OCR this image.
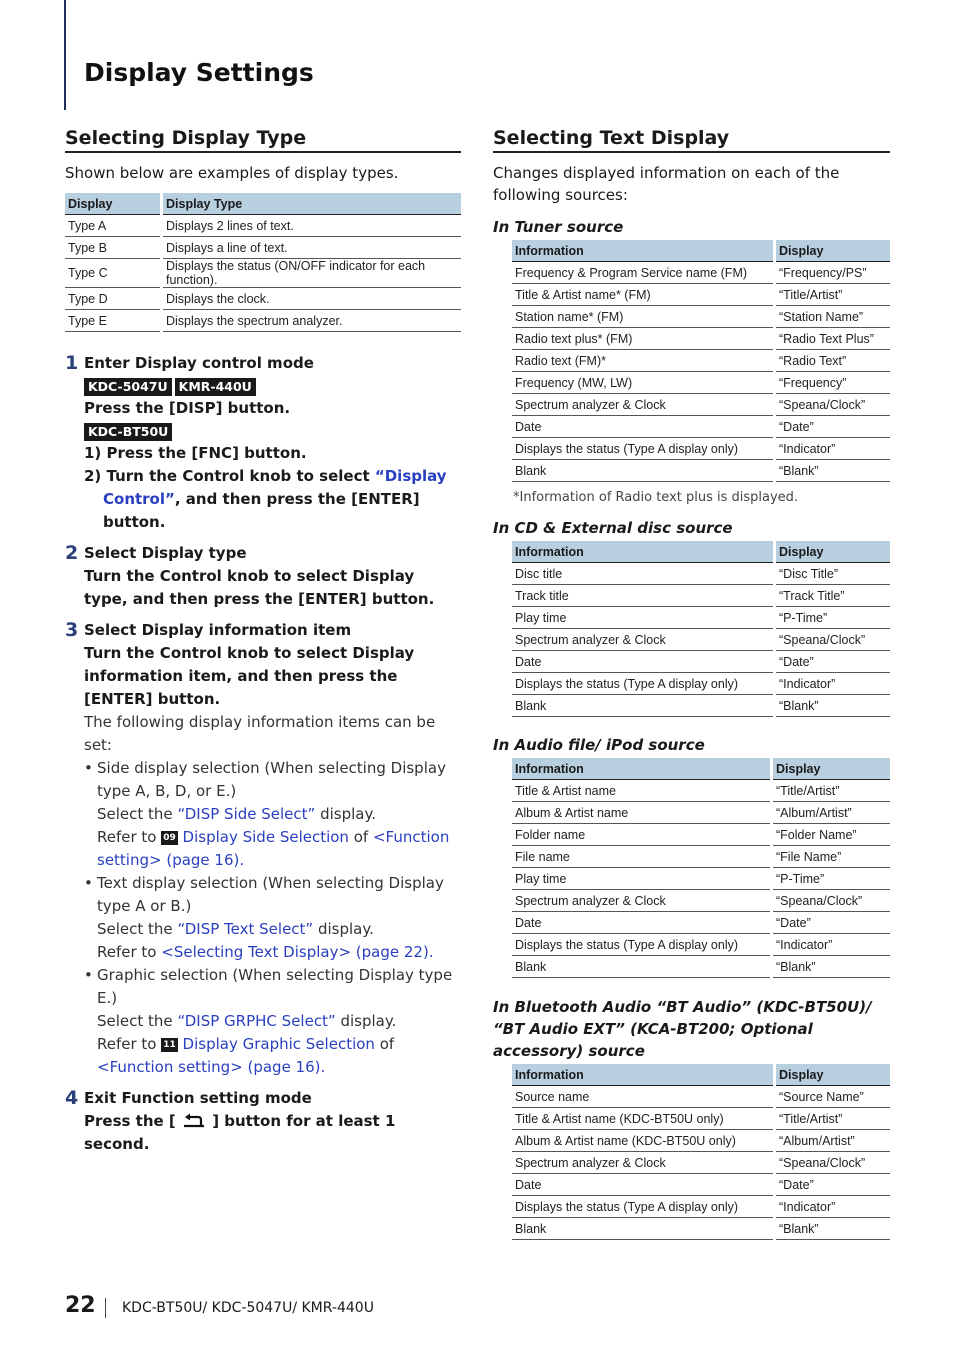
Display Settings
Selecting Display Type

Shown below are examples of display types.

Display	Display Type
Type A	Displays 2 lines of text.
Type B	Displays a line of text.
Type C	Displays the status (ON/OFF indicator for each function).
Type D	Displays the clock.
Type E	Displays the spectrum analyzer.
1 Enter Display control mode
KDC-5047U KMR-440U
Press the [DISP] button.
KDC-BT50U
1) Press the [FNC] button.
2) Turn the Control knob to select “Display
Control”, and then press the [ENTER] button.
2 Select Display type
Turn the Control knob to select Display type, and then press the [ENTER] button.
3 Select Display information item
Turn the Control knob to select Display information item, and then press the [ENTER] button.
The following display information items can be set:
• Side display selection (When selecting Display type A, B, D, or E.)
Select the “DISP Side Select” display.
Refer to 09 Display Side Selection of <Function setting> (page 16).
• Text display selection (When selecting Display type A or B.)
Select the “DISP Text Select” display.
Refer to <Selecting Text Display> (page 22).
• Graphic selection (When selecting Display type E.)
Select the “DISP GRPHC Select” display.
Refer to 11 Display Graphic Selection of <Function setting> (page 16).
4 Exit Function setting mode
Press the [  ] button for at least 1 second.
Selecting Text Display

Changes displayed information on each of the following sources:

In Tuner source
Information	Display
Frequency & Program Service name (FM)	“Frequency/PS”
Title & Artist name* (FM)	“Title/Artist”
Station name* (FM)	“Station Name”
Radio text plus* (FM)	“Radio Text Plus”
Radio text (FM)*	“Radio Text”
Frequency (MW, LW)	“Frequency”
Spectrum analyzer & Clock	“Speana/Clock”
Date	“Date”
Displays the status (Type A display only)	“Indicator”
Blank	“Blank”
*Information of Radio text plus is displayed.
In CD & External disc source
Information	Display
Disc title	“Disc Title”
Track title	“Track Title”
Play time	“P-Time”
Spectrum analyzer & Clock	“Speana/Clock”
Date	“Date”
Displays the status (Type A display only)	“Indicator”
Blank	“Blank”
In Audio file/ iPod source
Information	Display
Title & Artist name	“Title/Artist”
Album & Artist name	“Album/Artist”
Folder name	“Folder Name”
File name	“File Name”
Play time	“P-Time”
Spectrum analyzer & Clock	“Speana/Clock”
Date	“Date”
Displays the status (Type A display only)	“Indicator”
Blank	“Blank”
In Bluetooth Audio “BT Audio” (KDC-BT50U)/
“BT Audio EXT” (KCA-BT200; Optional
accessory) source
Information	Display
Source name	“Source Name”
Title & Artist name (KDC-BT50U only)	“Title/Artist”
Album & Artist name (KDC-BT50U only)	“Album/Artist”
Spectrum analyzer & Clock	“Speana/Clock”
Date	“Date”
Displays the status (Type A display only)	“Indicator”
Blank	“Blank”
22 KDC-BT50U/ KDC-5047U/ KMR-440U
